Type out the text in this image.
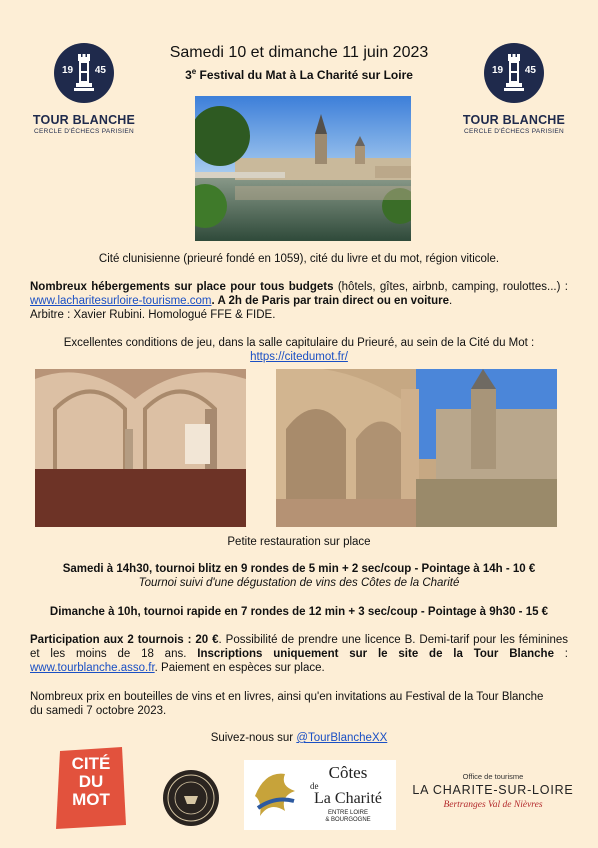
19 45
TOUR BLANCHE
CERCLE D'ÉCHECS PARISIEN
19 45
TOUR BLANCHE
CERCLE D'ÉCHECS PARISIEN
Samedi 10 et dimanche 11 juin 2023
3e Festival du Mat à La Charité sur Loire
Cité clunisienne (prieuré fondé en 1059), cité du livre et du mot, région viticole.
Nombreux hébergements sur place pour tous budgets (hôtels, gîtes, airbnb, camping, roulottes...) : www.lacharitesurloire-tourisme.com. A 2h de Paris par train direct ou en voiture.
Arbitre : Xavier Rubini. Homologué FFE & FIDE.
Excellentes conditions de jeu, dans la salle capitulaire du Prieuré, au sein de la Cité du Mot :
https://citedumot.fr/
Petite restauration sur place
Samedi à 14h30, tournoi blitz en 9 rondes de 5 min + 2 sec/coup - Pointage à 14h - 10 €
Tournoi suivi d'une dégustation de vins des Côtes de la Charité
Dimanche à 10h, tournoi rapide en 7 rondes de 12 min + 3 sec/coup - Pointage à 9h30 - 15 €
Participation aux 2 tournois : 20 €. Possibilité de prendre une licence B. Demi-tarif pour les féminines et les moins de 18 ans. Inscriptions uniquement sur le site de la Tour Blanche : www.tourblanche.asso.fr. Paiement en espèces sur place.
Nombreux prix en bouteilles de vins et en livres, ainsi qu'en invitations au Festival de la Tour Blanche du samedi 7 octobre 2023.
Suivez-nous sur @TourBlancheXX
CITÉ
DU
MOT
Côtes
de
La Charité
ENTRE LOIRE
& BOURGOGNE
Office de tourisme
LA CHARITE-SUR-LOIRE
Bertranges Val de Nièvres
